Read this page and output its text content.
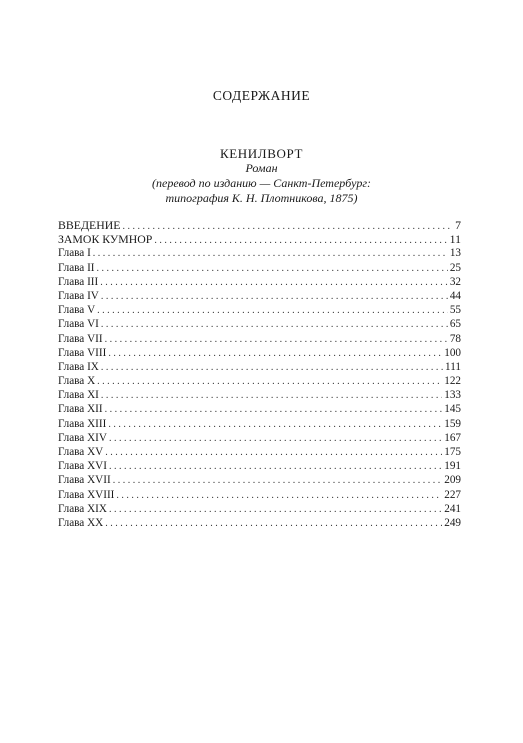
СОДЕРЖАНИЕ
КЕНИЛВОРТ
Роман
(перевод по изданию — Санкт-Петербург:
типография К. Н. Плотникова, 1875)
ВВЕДЕНИЕ . . .	7
ЗАМОК КУМНОР . . .	11
Глава I . . .	13
Глава II . . .	25
Глава III . . .	32
Глава IV . . .	44
Глава V . . .	55
Глава VI . . .	65
Глава VII . . .	78
Глава VIII . . .	100
Глава IX . . .	111
Глава X . . .	122
Глава XI . . .	133
Глава XII . . .	145
Глава XIII . . .	159
Глава XIV . . .	167
Глава XV . . .	175
Глава XVI . . .	191
Глава XVII . . .	209
Глава XVIII . . .	227
Глава XIX . . .	241
Глава XX . . .	249
